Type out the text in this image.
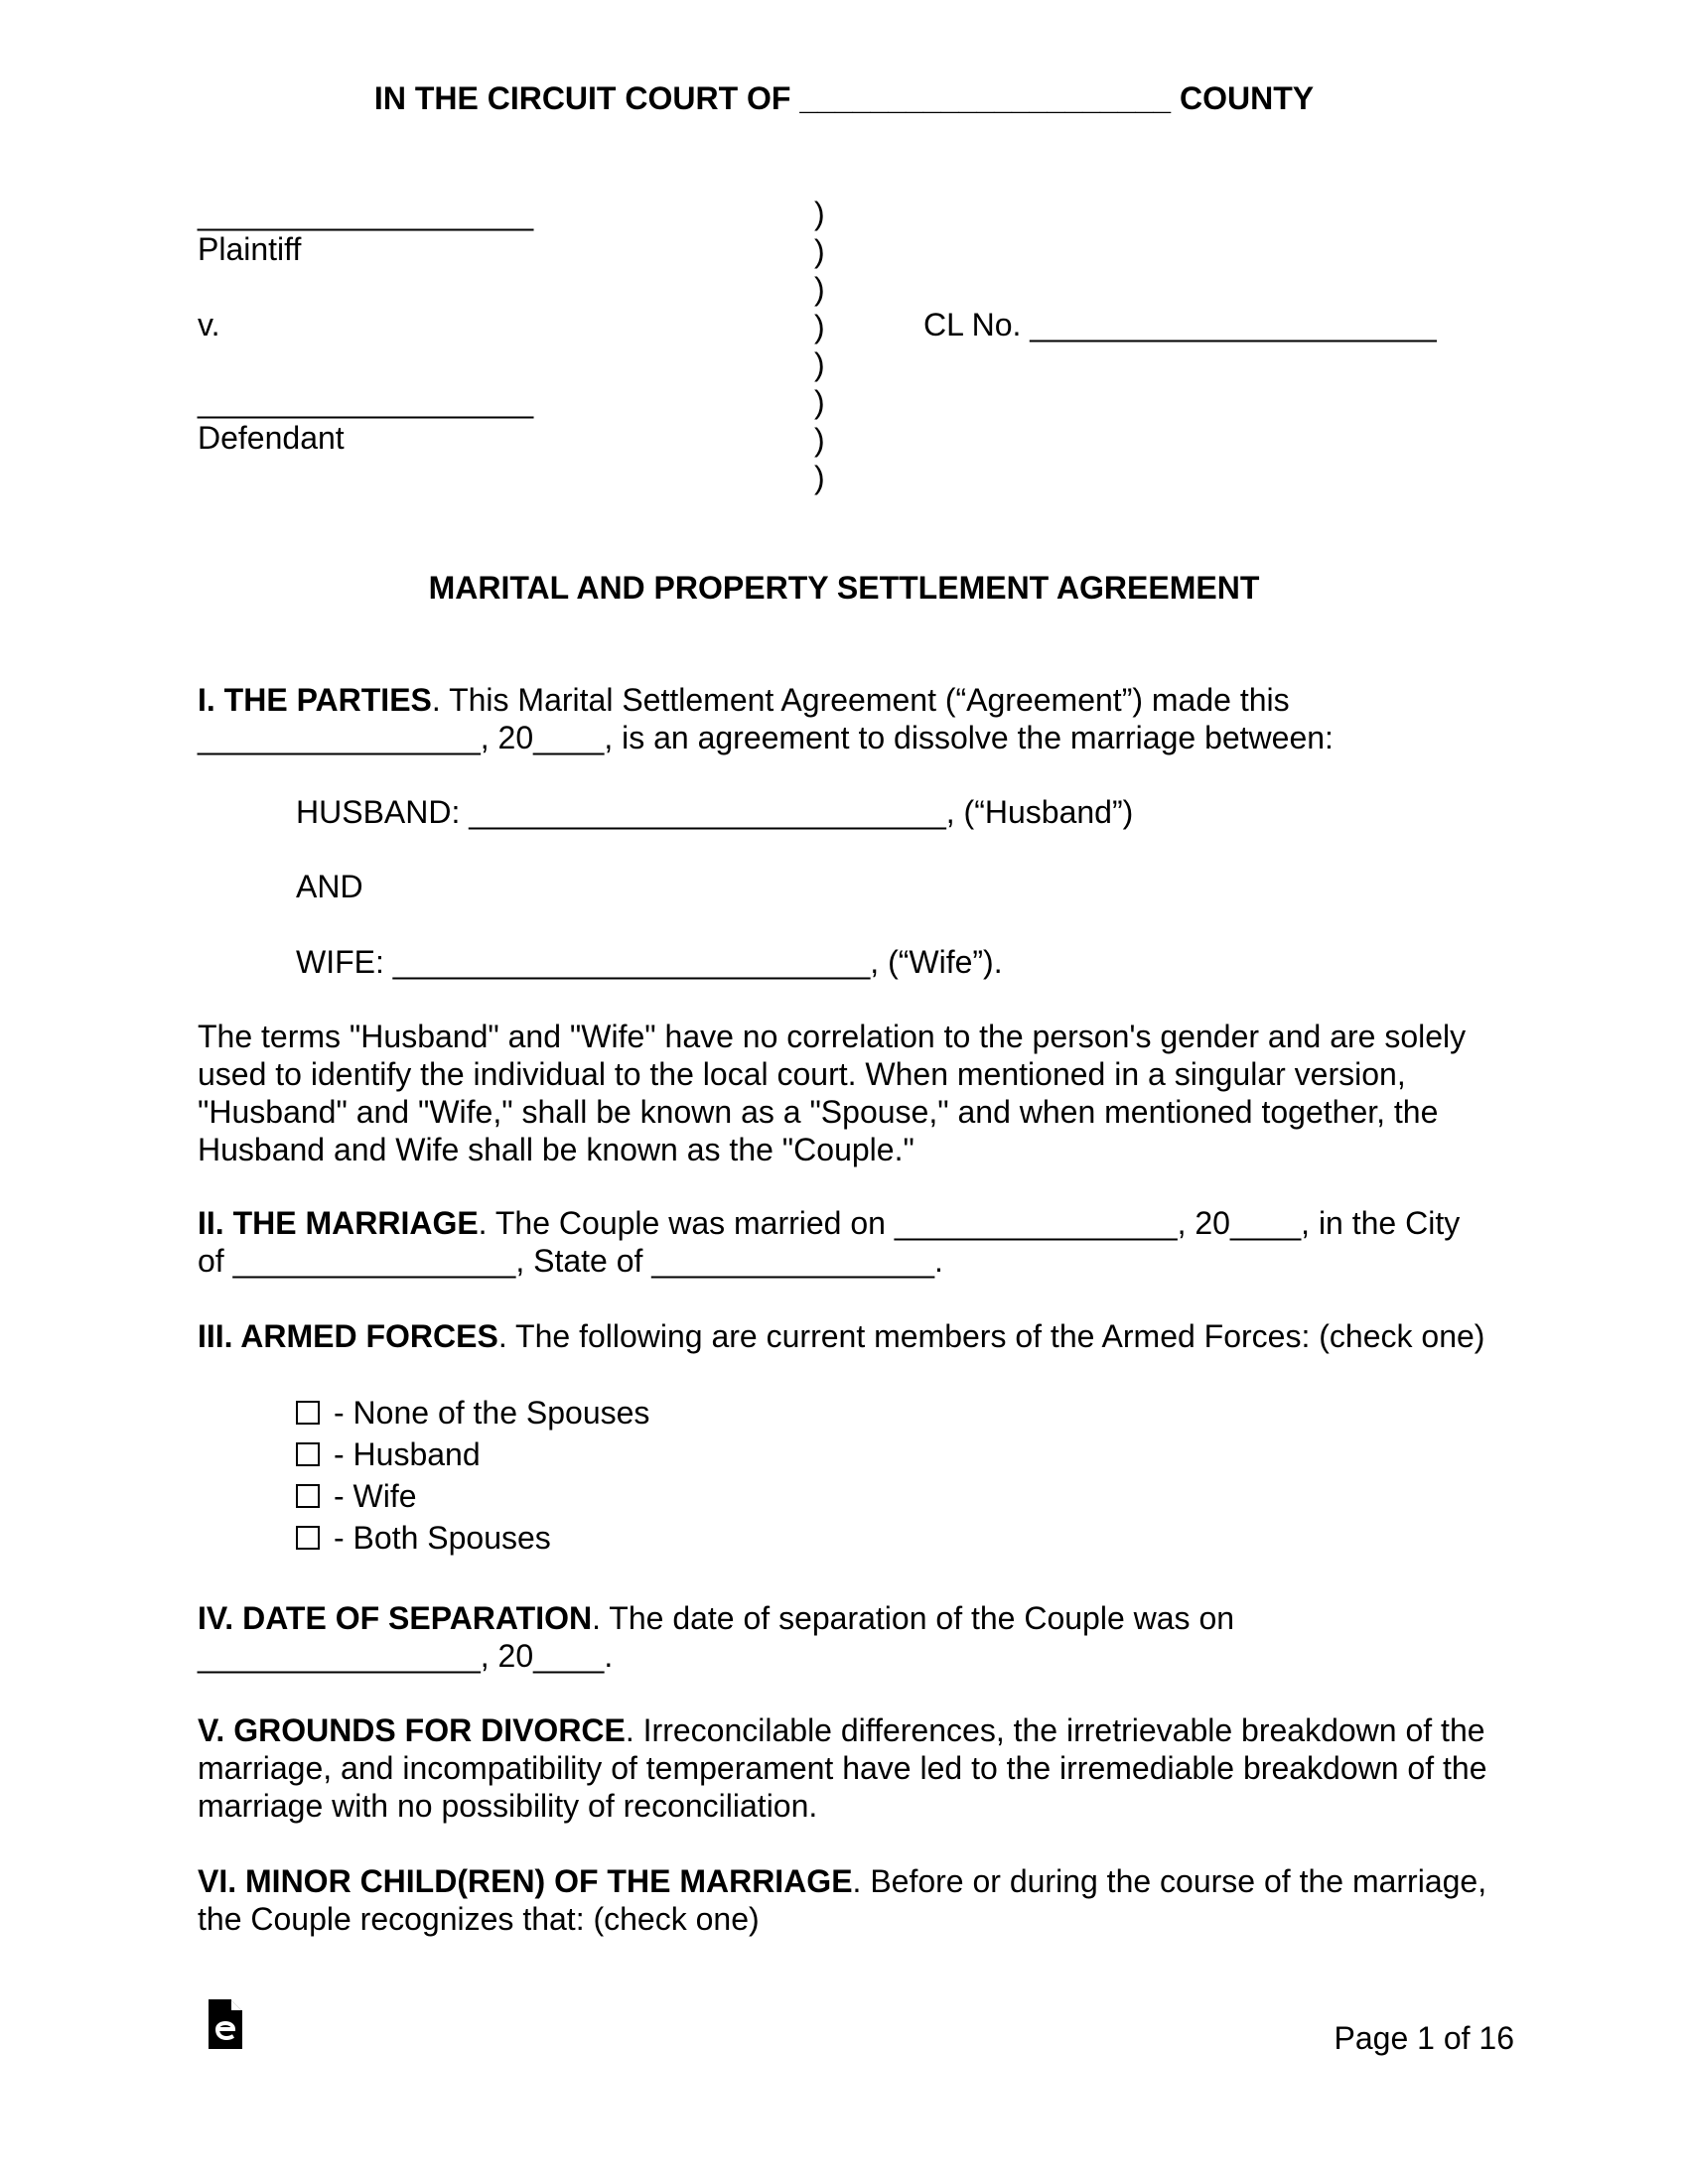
IN THE CIRCUIT COURT OF _____________________ COUNTY
___________________
Plaintiff
v.
___________________
Defendant
)
)
)
)
)
)
)
)
CL No. _______________________
MARITAL AND PROPERTY SETTLEMENT AGREEMENT
I. THE PARTIES. This Marital Settlement Agreement (“Agreement”) made this ________________, 20____, is an agreement to dissolve the marriage between:
HUSBAND: ___________________________, (“Husband”)
AND
WIFE: ___________________________, (“Wife”).
The terms "Husband" and "Wife" have no correlation to the person's gender and are solely used to identify the individual to the local court. When mentioned in a singular version, "Husband" and "Wife," shall be known as a "Spouse," and when mentioned together, the Husband and Wife shall be known as the "Couple."
II. THE MARRIAGE. The Couple was married on ________________, 20____, in the City of ________________, State of ________________.
III. ARMED FORCES. The following are current members of the Armed Forces: (check one)
- None of the Spouses
- Husband
- Wife
- Both Spouses
IV. DATE OF SEPARATION. The date of separation of the Couple was on ________________, 20____.
V. GROUNDS FOR DIVORCE. Irreconcilable differences, the irretrievable breakdown of the marriage, and incompatibility of temperament have led to the irremediable breakdown of the marriage with no possibility of reconciliation.
VI. MINOR CHILD(REN) OF THE MARRIAGE. Before or during the course of the marriage, the Couple recognizes that: (check one)
Page 1 of 16
